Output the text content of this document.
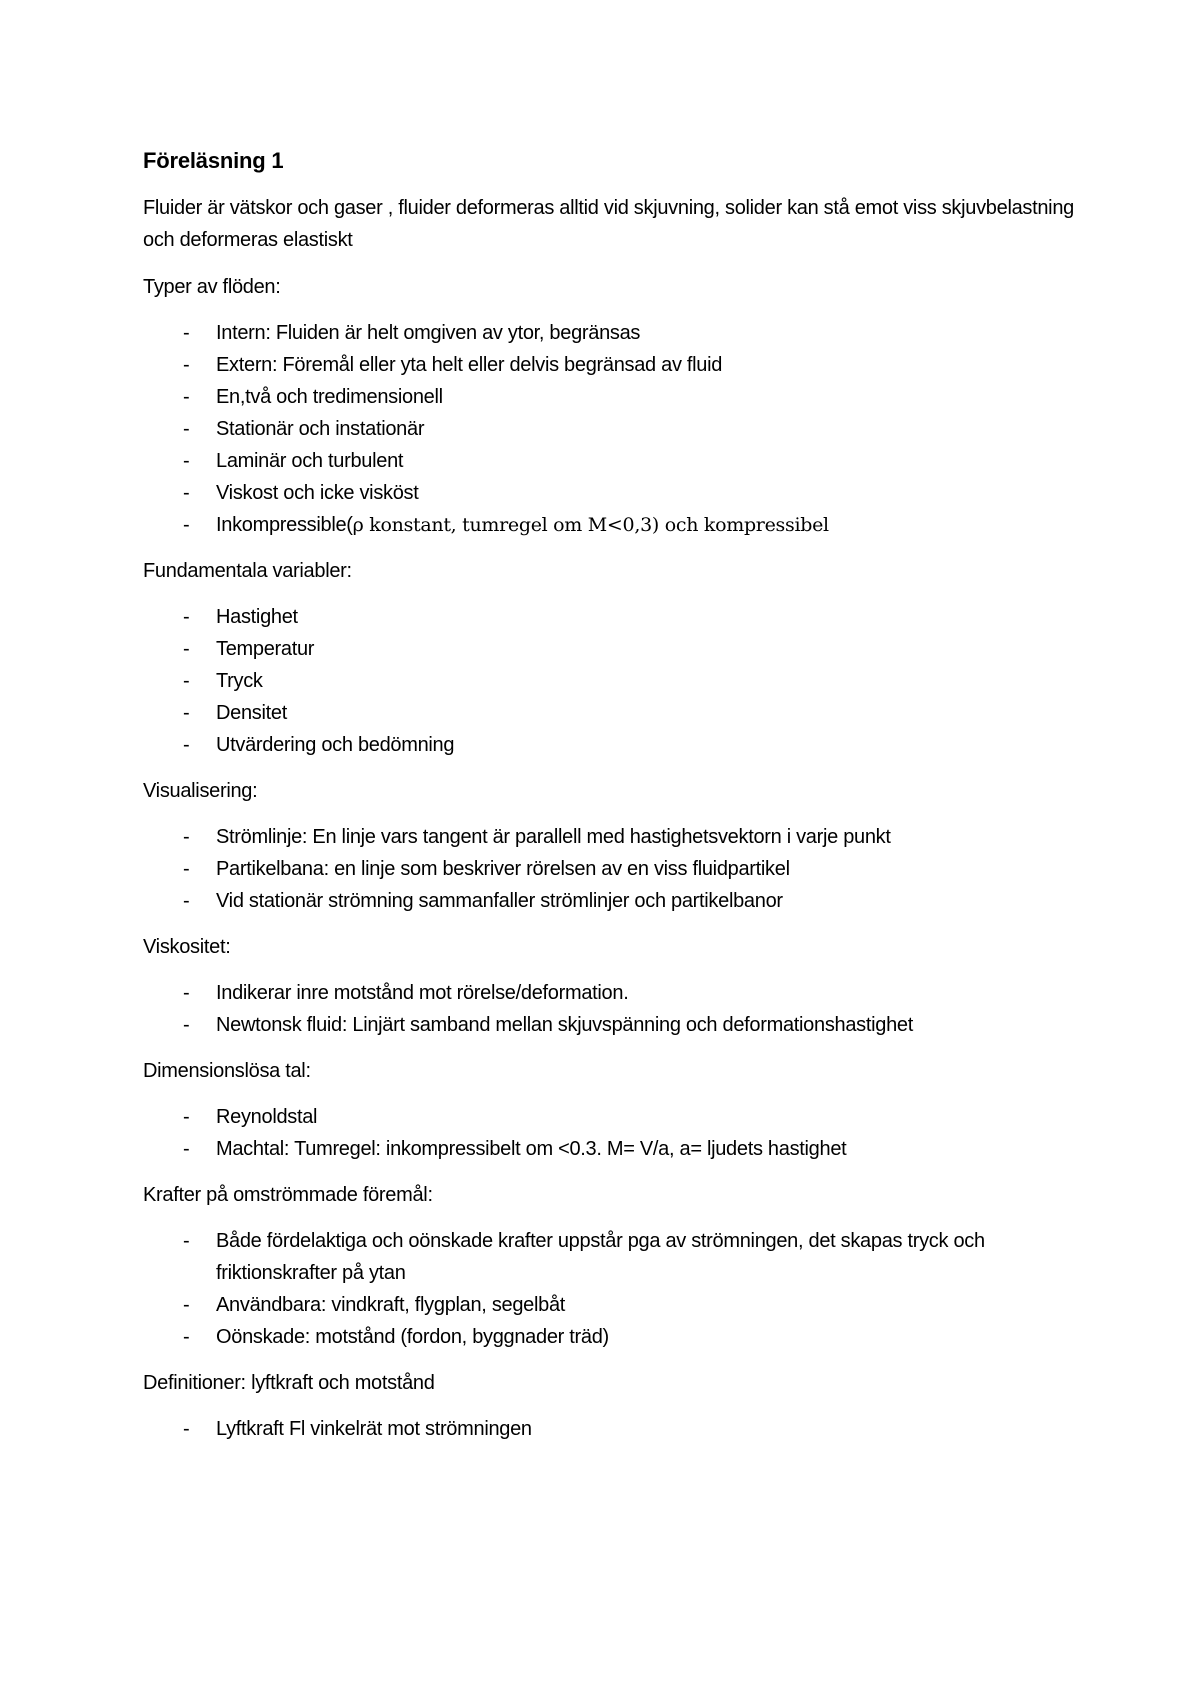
Föreläsning 1
Fluider är vätskor och gaser , fluider deformeras alltid vid skjuvning, solider kan stå emot viss skjuvbelastning och deformeras elastiskt
Typer av flöden:
- Intern: Fluiden är helt omgiven av ytor, begränsas
- Extern: Föremål eller yta helt eller delvis begränsad av fluid
- En,två och tredimensionell
- Stationär och instationär
- Laminär och turbulent
- Viskost och icke visköst
- Inkompressible(ρ konstant, tumregel om M<0,3) och kompressibel
Fundamentala variabler:
- Hastighet
- Temperatur
- Tryck
- Densitet
- Utvärdering och bedömning
Visualisering:
- Strömlinje: En linje vars tangent är parallell med hastighetsvektorn i varje punkt
- Partikelbana: en linje som beskriver rörelsen av en viss fluidpartikel
- Vid stationär strömning sammanfaller strömlinjer och partikelbanor
Viskositet:
- Indikerar inre motstånd mot rörelse/deformation.
- Newtonsk fluid: Linjärt samband mellan skjuvspänning och deformationshastighet
Dimensionslösa tal:
- Reynoldstal
- Machtal: Tumregel: inkompressibelt om <0.3. M= V/a, a= ljudets hastighet
Krafter på omströmmade föremål:
- Både fördelaktiga och oönskade krafter uppstår pga av strömningen, det skapas tryck och friktionskrafter på ytan
- Användbara: vindkraft, flygplan, segelbåt
- Oönskade: motstånd (fordon, byggnader träd)
Definitioner: lyftkraft och motstånd
- Lyftkraft Fl vinkelrät mot strömningen
